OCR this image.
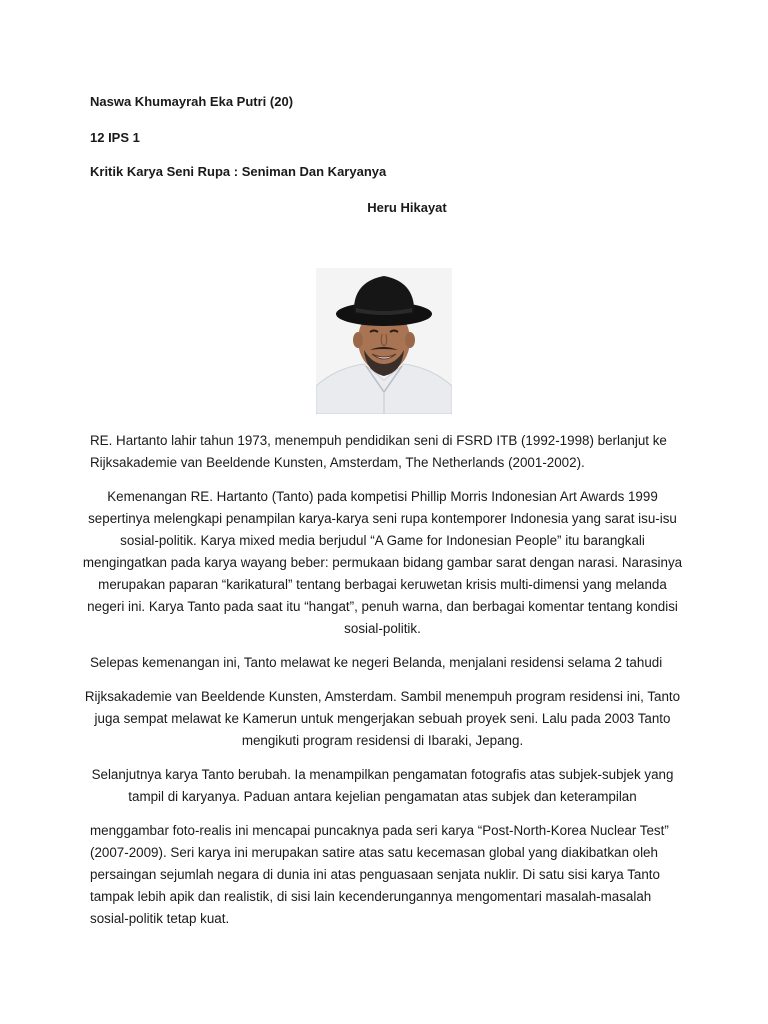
Naswa Khumayrah Eka Putri (20)
12 IPS 1
Kritik Karya Seni Rupa : Seniman Dan Karyanya
Heru Hikayat
RE. Hartanto lahir tahun 1973, menempuh pendidikan seni di FSRD ITB (1992-1998) berlanjut ke Rijksakademie van Beeldende Kunsten, Amsterdam, The Netherlands (2001-2002).
Kemenangan RE. Hartanto (Tanto) pada kompetisi Phillip Morris Indonesian Art Awards 1999 sepertinya melengkapi penampilan karya-karya seni rupa kontemporer Indonesia yang sarat isu-isu sosial-politik. Karya mixed media berjudul “A Game for Indonesian People” itu barangkali mengingatkan pada karya wayang beber: permukaan bidang gambar sarat dengan narasi. Narasinya merupakan paparan “karikatural” tentang berbagai keruwetan krisis multi-dimensi yang melanda negeri ini. Karya Tanto pada saat itu “hangat”, penuh warna, dan berbagai komentar tentang kondisi sosial-politik.
Selepas kemenangan ini, Tanto melawat ke negeri Belanda, menjalani residensi selama 2 tahudi
Rijksakademie van Beeldende Kunsten, Amsterdam. Sambil menempuh program residensi ini, Tanto juga sempat melawat ke Kamerun untuk mengerjakan sebuah proyek seni. Lalu pada 2003 Tanto mengikuti program residensi di Ibaraki, Jepang.
Selanjutnya karya Tanto berubah. Ia menampilkan pengamatan fotografis atas subjek-subjek yang tampil di karyanya. Paduan antara kejelian pengamatan atas subjek dan keterampilan
menggambar foto-realis ini mencapai puncaknya pada seri karya “Post-North-Korea Nuclear Test” (2007-2009). Seri karya ini merupakan satire atas satu kecemasan global yang diakibatkan oleh persaingan sejumlah negara di dunia ini atas penguasaan senjata nuklir. Di satu sisi karya Tanto tampak lebih apik dan realistik, di sisi lain kecenderungannya mengomentari masalah-masalah sosial-politik tetap kuat.
